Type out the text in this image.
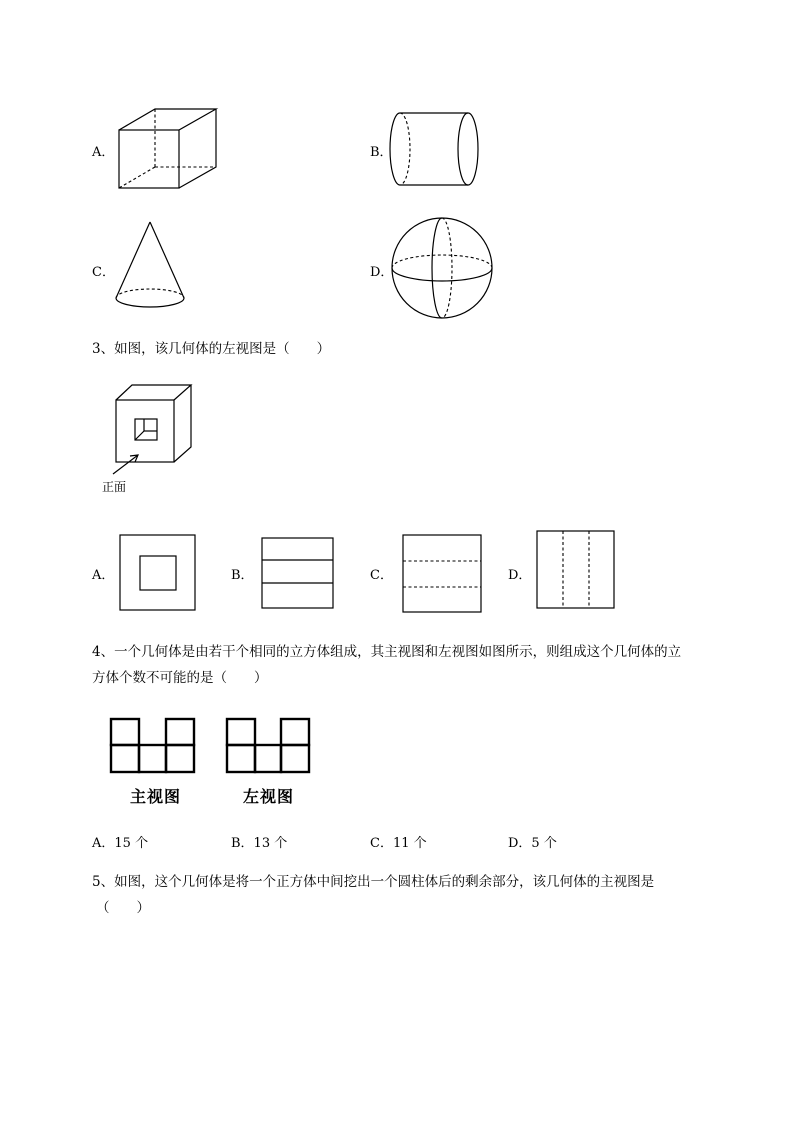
A．	B．
C．	D．
3、如图，该几何体的左视图是（　　）
正面
A．	B．	C．	D．
4、一个几何体是由若干个相同的立方体组成，其主视图和左视图如图所示，则组成这个几何体的立
方体个数不可能的是（　　）
主视图	左视图
A．15 个	B．13 个	C．11 个	D．5 个
5、如图，这个几何体是将一个正方体中间挖出一个圆柱体后的剩余部分，该几何体的主视图是
（　　）
